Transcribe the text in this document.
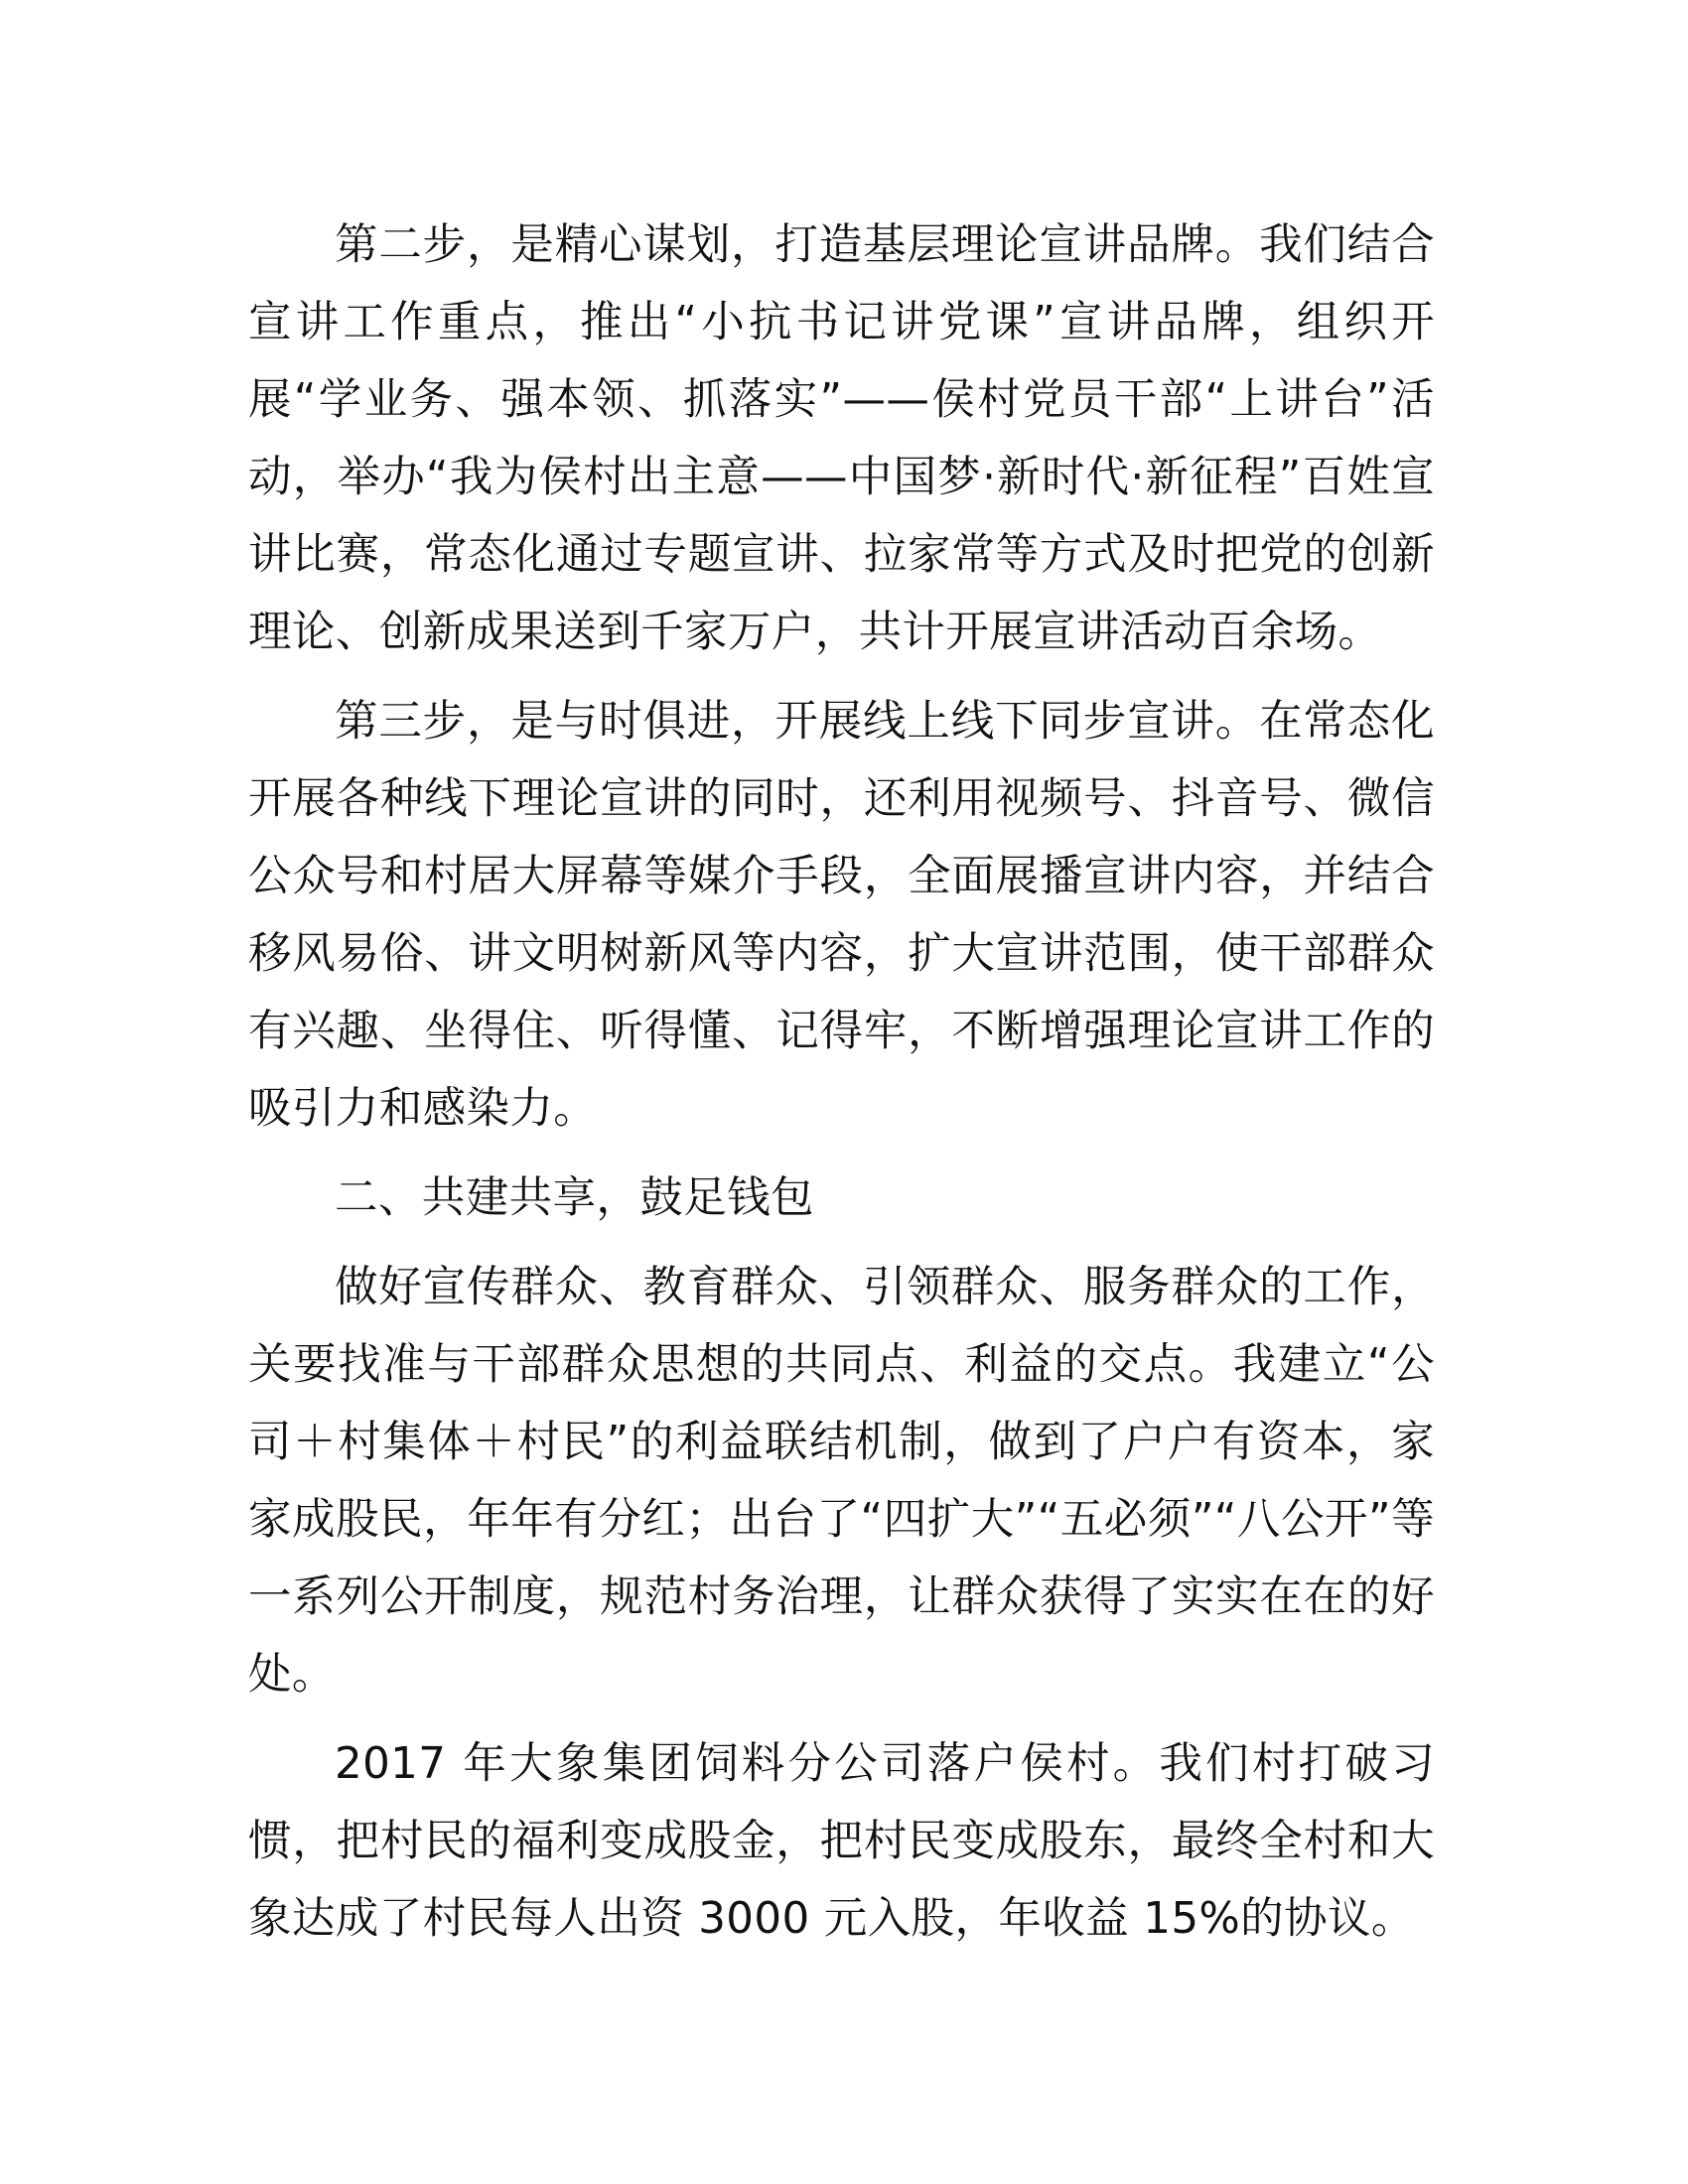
第二步，是精心谋划，打造基层理论宣讲品牌。我们结合宣讲工作重点，推出“小抗书记讲党课”宣讲品牌，组织开展“学业务、强本领、抓落实”——侯村党员干部“上讲台”活动，举办“我为侯村出主意——中国梦·新时代·新征程”百姓宣讲比赛，常态化通过专题宣讲、拉家常等方式及时把党的创新理论、创新成果送到千家万户，共计开展宣讲活动百余场。

第三步，是与时俱进，开展线上线下同步宣讲。在常态化开展各种线下理论宣讲的同时，还利用视频号、抖音号、微信公众号和村居大屏幕等媒介手段，全面展播宣讲内容，并结合移风易俗、讲文明树新风等内容，扩大宣讲范围，使干部群众有兴趣、坐得住、听得懂、记得牢，不断增强理论宣讲工作的吸引力和感染力。

二、共建共享，鼓足钱包

做好宣传群众、教育群众、引领群众、服务群众的工作，关要找准与干部群众思想的共同点、利益的交点。我建立“公司＋村集体＋村民”的利益联结机制，做到了户户有资本，家家成股民，年年有分红；出台了“四扩大”“五必须”“八公开”等一系列公开制度，规范村务治理，让群众获得了实实在在的好处。

2017 年大象集团饲料分公司落户侯村。我们村打破习惯，把村民的福利变成股金，把村民变成股东，最终全村和大象达成了村民每人出资 3000 元入股，年收益 15%的协议。
